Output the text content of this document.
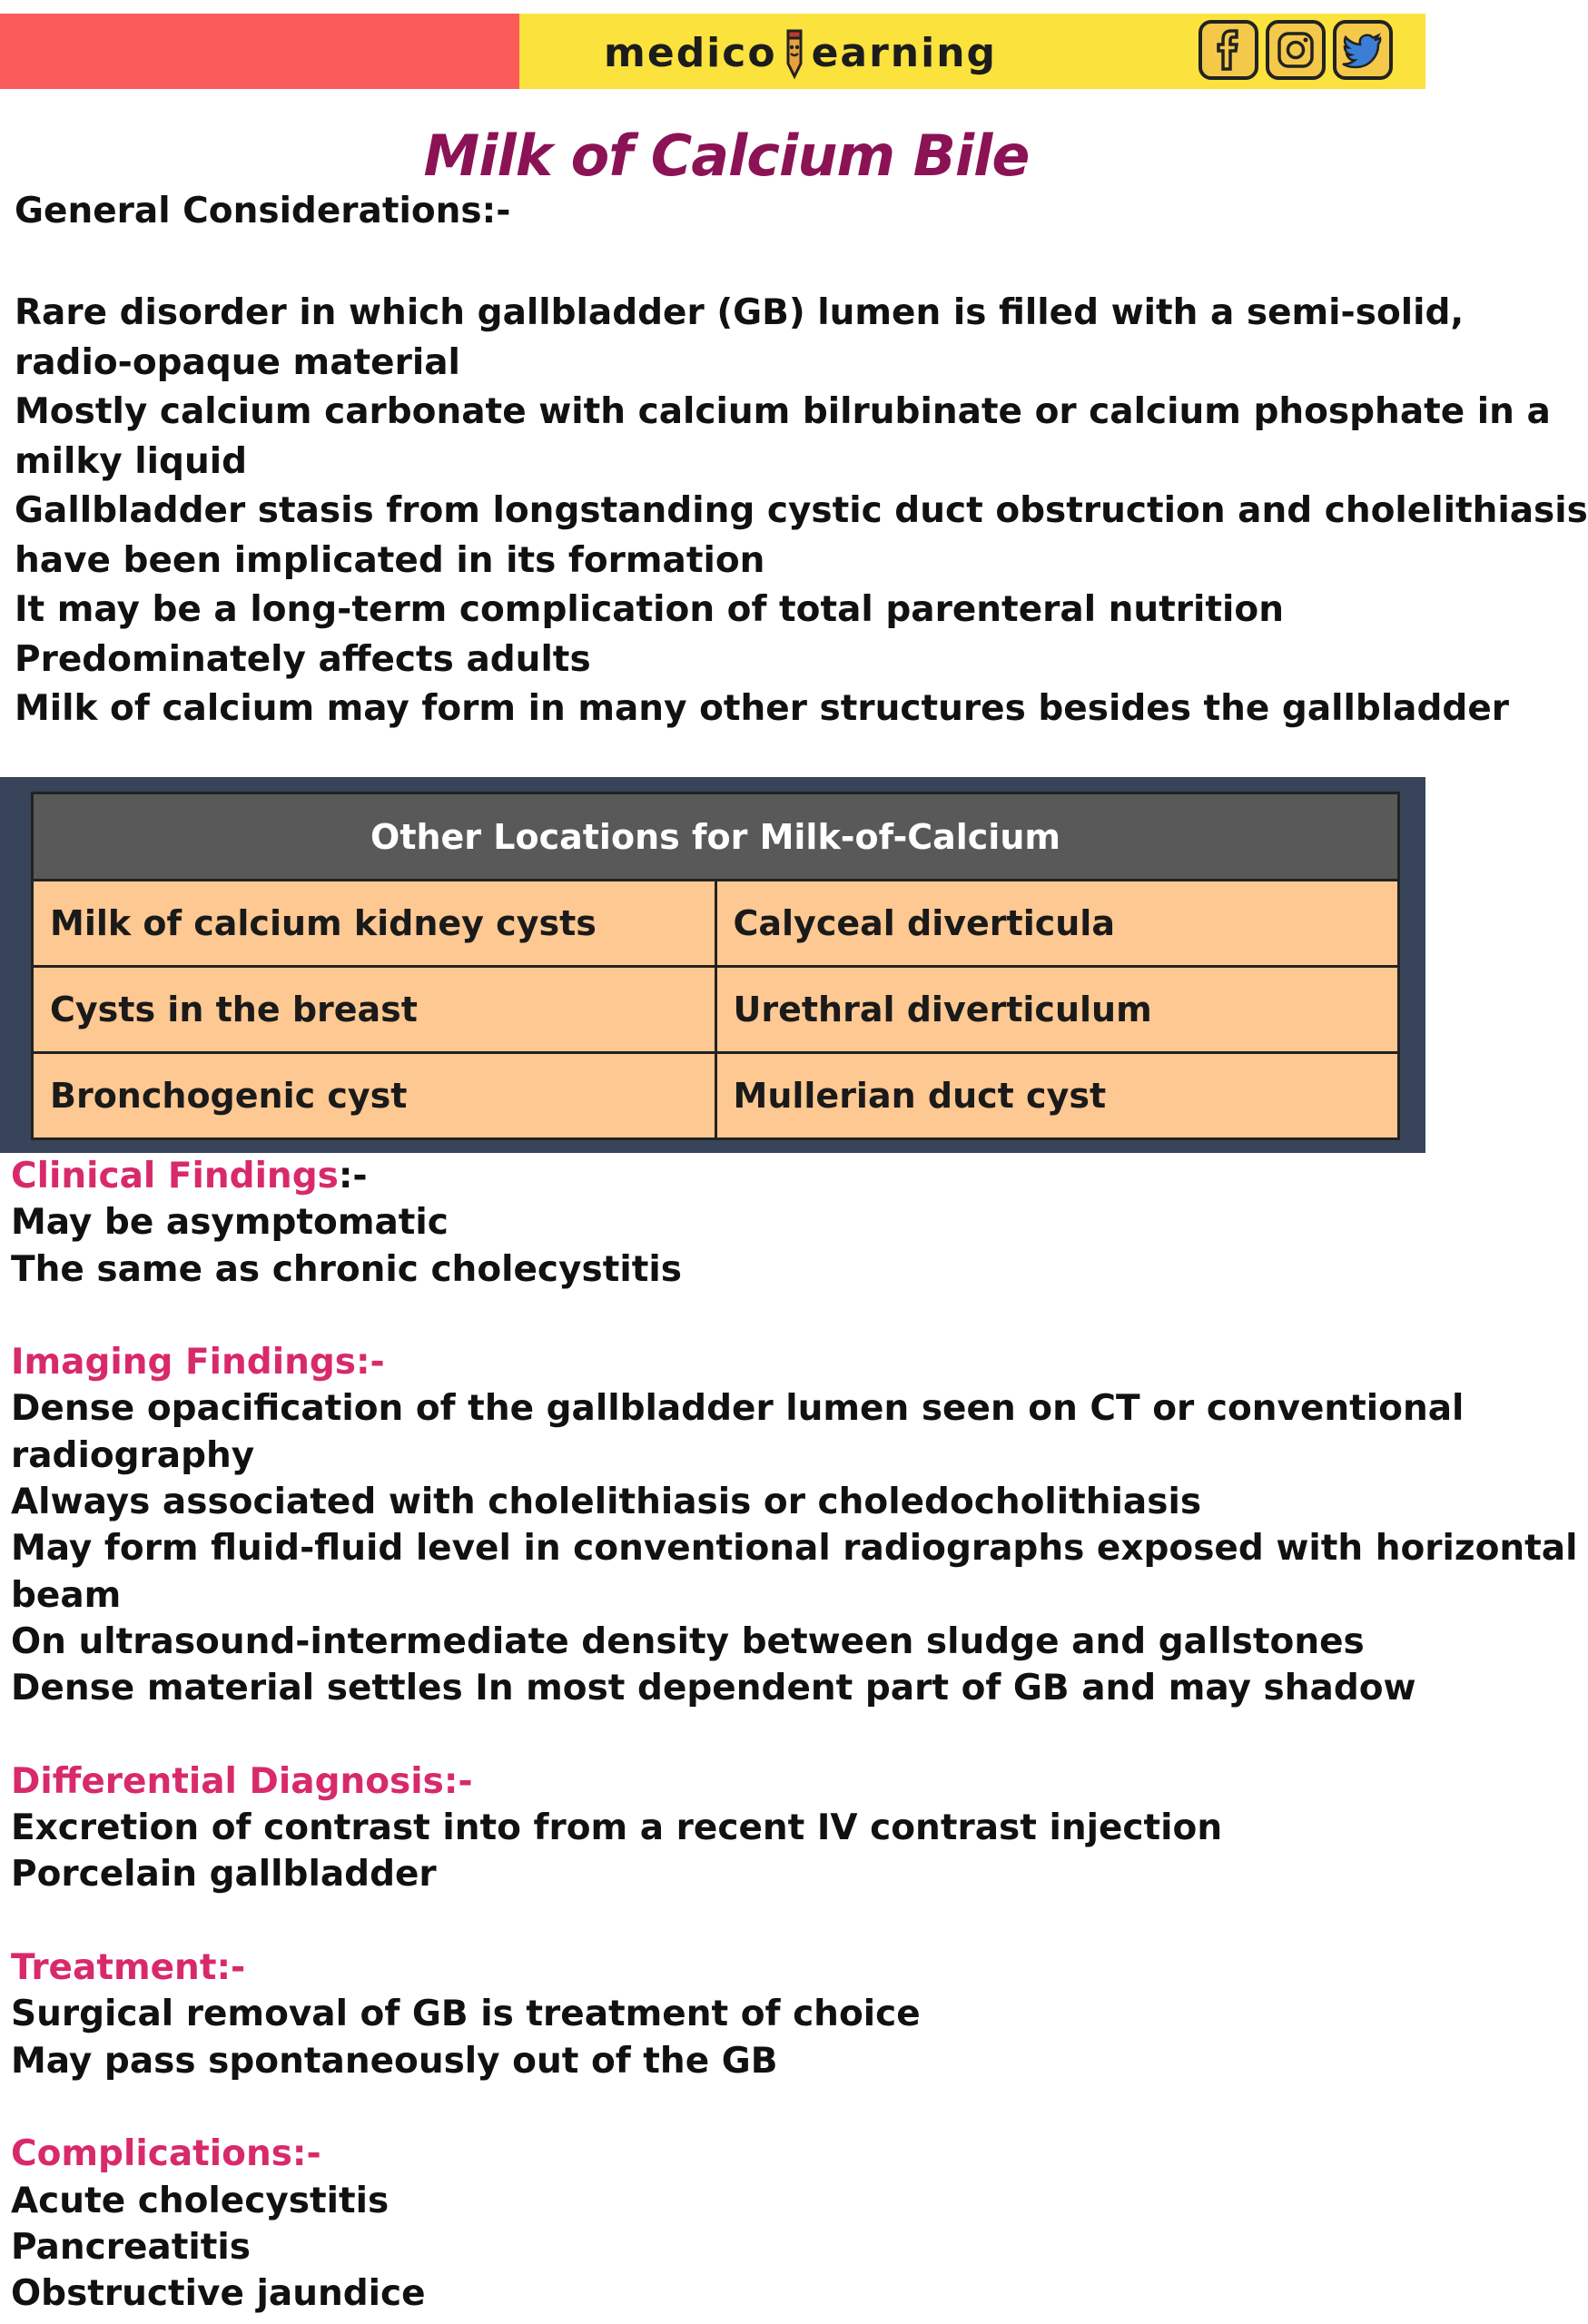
medico earning
Milk of Calcium Bile
General Considerations:-
Rare disorder in which gallbladder (GB) lumen is filled with a semi-solid,
radio-opaque material
Mostly calcium carbonate with calcium bilrubinate or calcium phosphate in a
milky liquid
Gallbladder stasis from longstanding cystic duct obstruction and cholelithiasis
have been implicated in its formation
It may be a long-term complication of total parenteral nutrition
Predominately affects adults
Milk of calcium may form in many other structures besides the gallbladder
Other Locations for Milk-of-Calcium	
Milk of calcium kidney cysts	Calyceal diverticula
Cysts in the breast	Urethral diverticulum
Bronchogenic cyst	Mullerian duct cyst
Clinical Findings:-
May be asymptomatic
The same as chronic cholecystitis
Imaging Findings:-
Dense opacification of the gallbladder lumen seen on CT or conventional
radiography
Always associated with cholelithiasis or choledocholithiasis
May form fluid-fluid level in conventional radiographs exposed with horizontal
beam
On ultrasound-intermediate density between sludge and gallstones
Dense material settles In most dependent part of GB and may shadow
Differential Diagnosis:-
Excretion of contrast into from a recent IV contrast injection
Porcelain gallbladder
Treatment:-
Surgical removal of GB is treatment of choice
May pass spontaneously out of the GB
Complications:-
Acute cholecystitis
Pancreatitis
Obstructive jaundice
